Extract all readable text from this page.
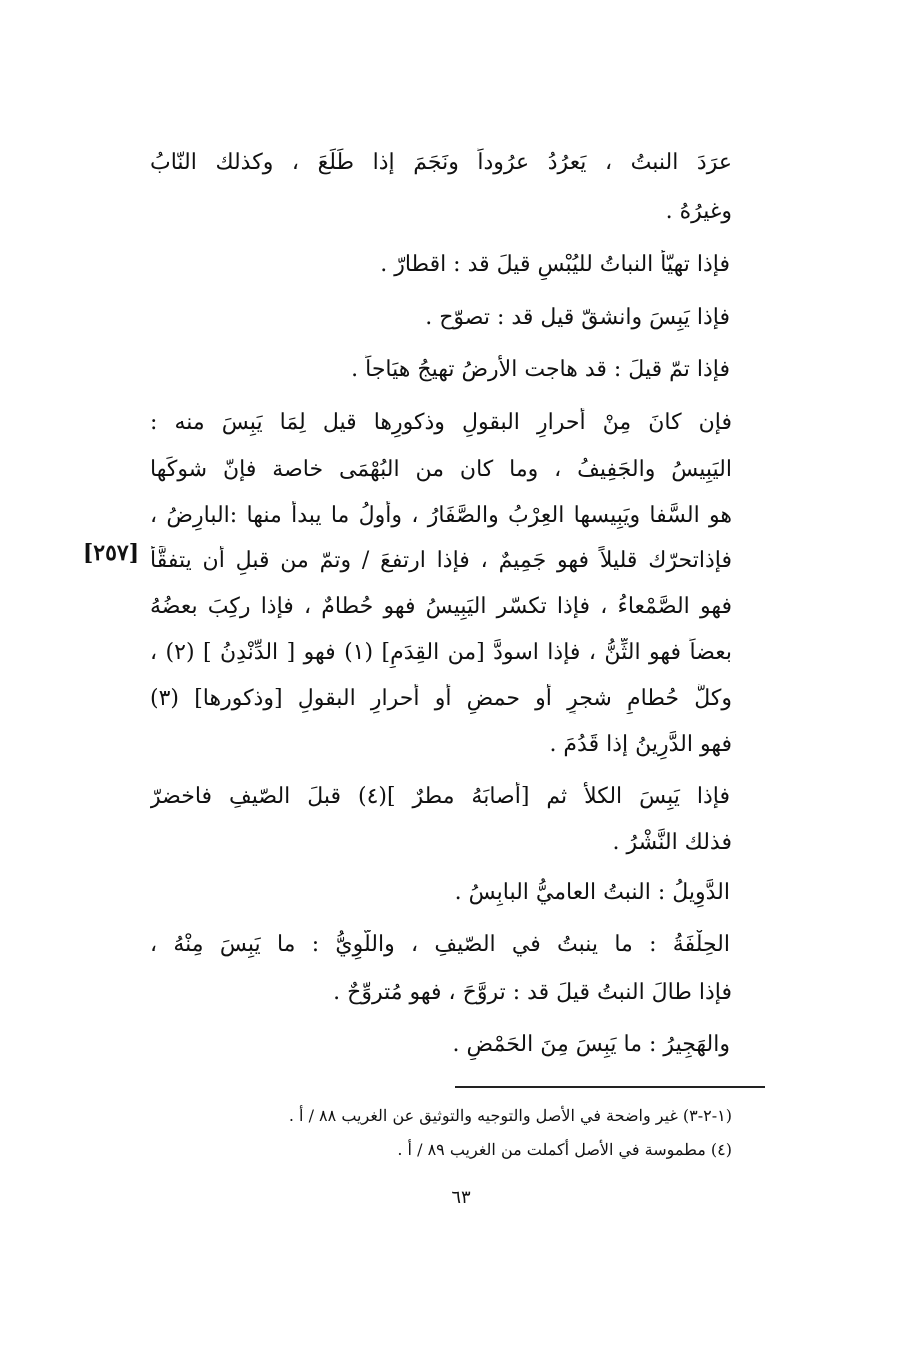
عرَدَ النبتُ ، يَعرُدُ عرُوداً ونَجَمَ إذا طَلَعَ ، وكذلك النّابُ
وغيرُهُ .
فإذا تهيّأ النباتُ لليُبْسِ قيلَ قد : اقطارّ .
فإذا يَبِسَ وانشقّ قيل قد : تصوّح .
فإذا تمّ قيلَ : قد هاجت الأرضُ تهيجُ هيَاجاً .
فإن كانَ مِنْ أحرارِ البقولِ وذكورِها قيل لِمَا يَبِسَ منه :
اليَبِيسُ والجَفِيفُ ، وما كان من البُهْمَى خاصة فإنّ شوكَها
هو السَّفا ويَبِيسها العِرْبُ والصَّفَارُ ، وأولُ ما يبدأُ منها :البارِضُ ،
فإذاتحرّك قليلاً فهو جَمِيمٌ ، فإذا ارتفعَ / وتمّ من قبلِ أن يتفقَّأ
[٢٥٧]
فهو الصَّمْعاءُ ، فإذا تكسّر اليَبِيسُ فهو حُطامٌ ، فإذا ركِبَ بعضُهُ
بعضاً فهو الثِّنُّ ، فإذا اسودَّ [من القِدَمِ] (١) فهو [ الدِّنْدِنُ ] (٢) ،
وكلُّ حُطامِ شجرٍ أو حمضٍ أو أحرارِ البقولِ [وذكورها] (٣)
فهو الدَّرِينُ إذا قَدُمَ .
فإذا يَبِسَ الكلأُ ثم [أصابَهُ مطرٌ ](٤) قبلَ الصّيفِ فاخضرّ
فذلك النَّشْرُ .
الدَّوِيلُ : النبتُ العاميُّ البابِسُ .
الحِلْفَةُ : ما ينبتُ في الصّيفِ ، واللَّوِيُّ : ما يَبِسَ مِنْهُ ،
فإذا طالَ النبتُ قيلَ قد : تروَّحَ ، فهو مُتروِّحٌ .
والهَجِيرُ : ما يَبِسَ مِنَ الحَمْضِ .
(١-٢-٣) غير واضحة في الأصل والتوجيه والتوثيق عن الغريب ٨٨ / أ .
(٤) مطموسة في الأصل أكملت من الغريب ٨٩ / أ .
٦٣
